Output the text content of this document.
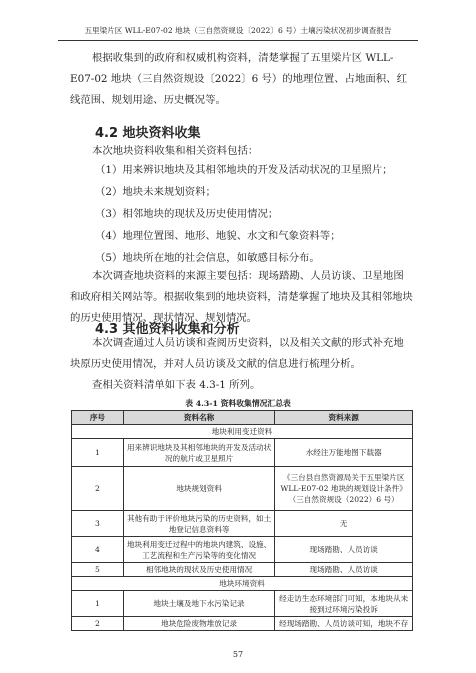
五里梁片区 WLL-E07-02 地块（三自然资规设〔2022〕6 号）土壤污染状况初步调查报告

根据收集到的政府和权威机构资料，清楚掌握了五里梁片区 WLL-E07-02 地块（三自然资规设〔2022〕6 号）的地理位置、占地面积、红线范围、规划用途、历史概况等。

4.2 地块资料收集

本次地块资料收集和相关资料包括：

（1）用来辨识地块及其相邻地块的开发及活动状况的卫星照片；

（2）地块未来规划资料；

（3）相邻地块的现状及历史使用情况；

（4）地理位置图、地形、地貌、水文和气象资料等；

（5）地块所在地的社会信息，如敏感目标分布。

本次调查地块资料的来源主要包括：现场踏勘、人员访谈、卫星地图和政府相关网站等。根据收集到的地块资料，清楚掌握了地块及其相邻地块的历史使用情况、现状情况、规划情况。

4.3 其他资料收集和分析

本次调查通过人员访谈和查阅历史资料，以及相关文献的形式补充地块原历史使用情况，并对人员访谈及文献的信息进行梳理分析。

查相关资料清单如下表 4.3-1 所列。

表 4.3-1 资料收集情况汇总表
序号	资料名称	资料来源
地块利用变迁资料		
1	用来辨识地块及其相邻地块的开发及活动状况的航片或卫星照片	水经注万能地图下载器
2	地块规划资料	《三台县自然资源局关于五里梁片区 WLL-E07-02 地块的规划设计条件》（三自然资规设（2022）6 号）
3	其他有助于评价地块污染的历史资料，如土地登记信息资料等	无
4	地块利用变迁过程中的地块内建筑、设施、工艺流程和生产污染等的变化情况	现场踏勘、人员访谈
5	相邻地块的现状及历史使用情况	现场踏勘、人员访谈
地块环境资料		
1	地块土壤及地下水污染记录	经走访生态环境部门可知，本地块从未接到过环境污染投诉
2	地块危险废物堆放记录	经现场踏勘、人员访谈可知，地块不存
57
